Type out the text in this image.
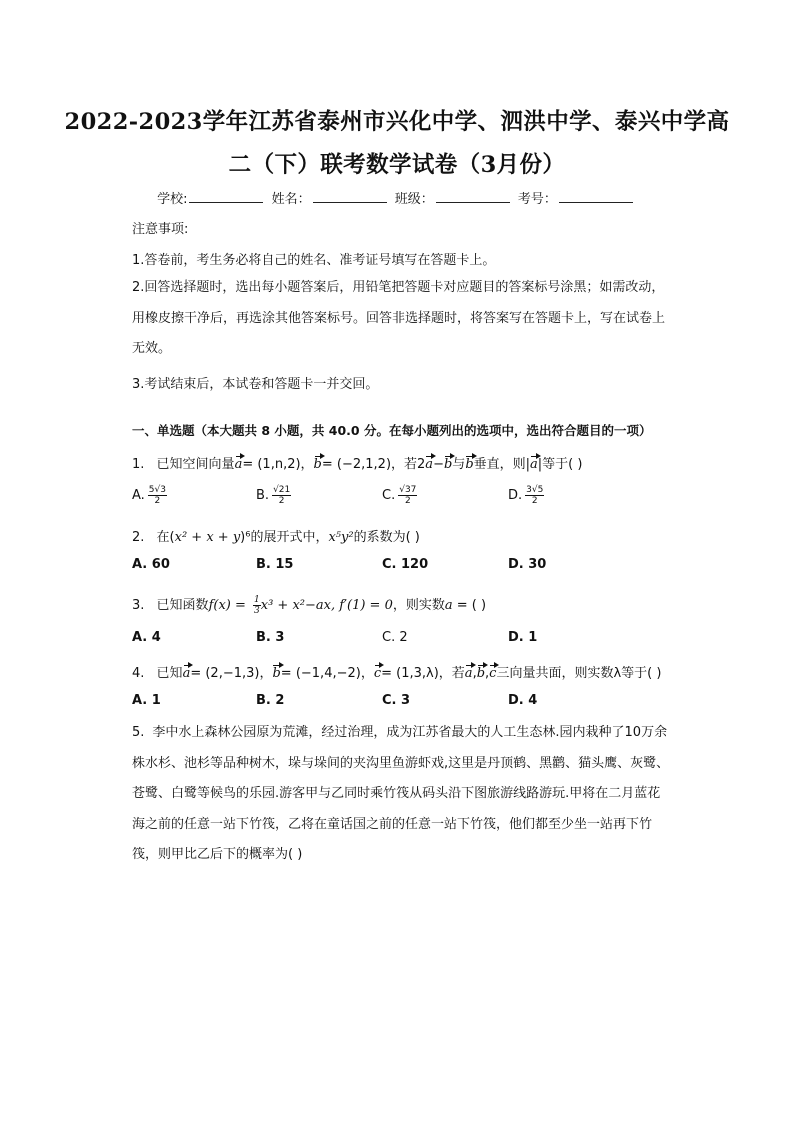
2022-2023学年江苏省泰州市兴化中学、泗洪中学、泰兴中学高
二（下）联考数学试卷（3月份）
学校:	姓名：	班级：	考号：
注意事项:
1.答卷前，考生务必将自己的姓名、准考证号填写在答题卡上。
2.回答选择题时，选出每小题答案后，用铅笔把答题卡对应题目的答案标号涂黑；如需改动，用橡皮擦干净后，再选涂其他答案标号。回答非选择题时，将答案写在答题卡上，写在试卷上无效。
3.考试结束后，本试卷和答题卡一并交回。
一、单选题（本大题共 8 小题，共 40.0 分。在每小题列出的选项中，选出符合题目的一项）
1. 已知空间向量a= (1,n,2)，b= (−2,1,2)，若2a−b与b垂直，则|a|等于( )
A. $\frac{5√3}{2}$	B. $\frac{√21}{2}$	C. $\frac{√37}{2}$	D. $\frac{3√5}{2}$
2. 在(x² + x + y)⁶的展开式中，x⁵y²的系数为( )
A. 60	B. 15	C. 120	D. 30
3. 已知函数$f(x) = \frac{1}{3} x^3 + x^2-ax$, f′(1) = 0，则实数a = ( )
A. 4	B. 3	C. 2	D. 1
4. 已知a= (2,−1,3)，b= (−1,4,−2)，c= (1,3,λ)，若a,b,c三向量共面，则实数λ等于( )
A. 1	B. 2	C. 3	D. 4
5. 李中水上森林公园原为荒滩，经过治理，成为江苏省最大的人工生态林.园内栽种了10万余株水杉、池杉等品种树木，垛与垛间的夹沟里鱼游虾戏,这里是丹顶鹤、黑鹳、猫头鹰、灰鹭、苍鹭、白鹭等候鸟的乐园.游客甲与乙同时乘竹筏从码头沿下图旅游线路游玩.甲将在二月蓝花海之前的任意一站下竹筏，乙将在童话国之前的任意一站下竹筏，他们都至少坐一站再下竹筏，则甲比乙后下的概率为( )
